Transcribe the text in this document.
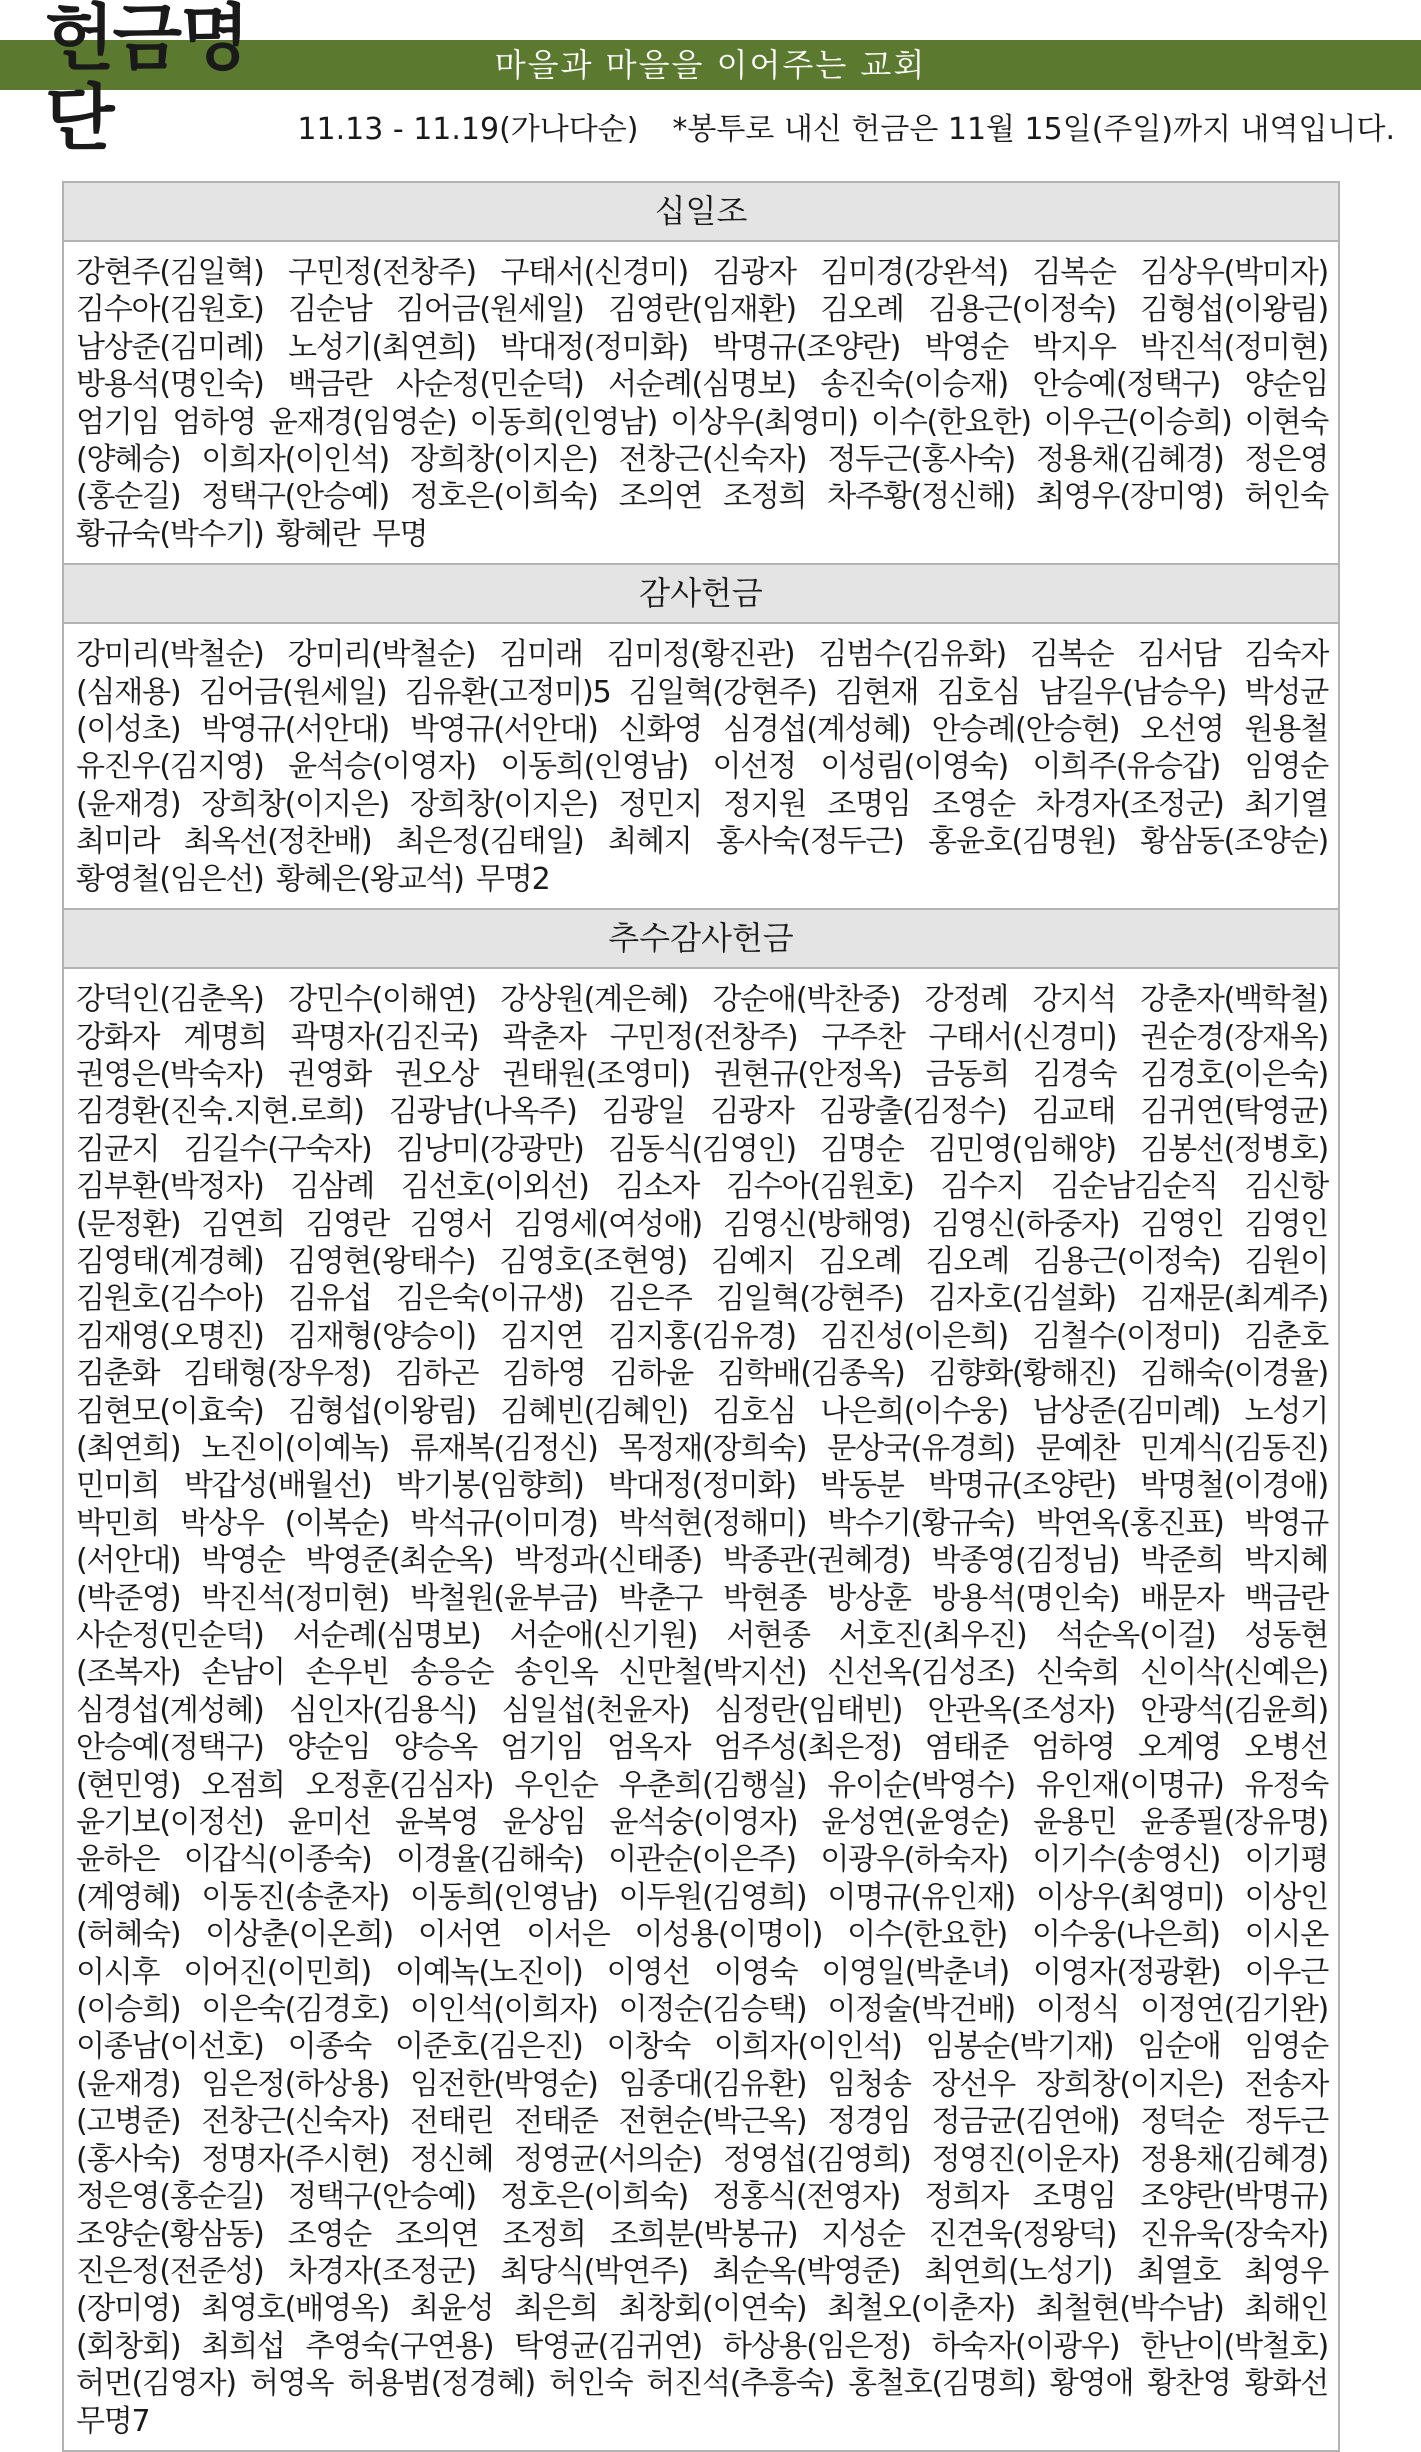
마을과 마을을 이어주는 교회
헌금명단	11.13 - 11.19(가나다순) *봉투로 내신 헌금은 11월 15일(주일)까지 내역입니다.
십일조
강현주(김일혁) 구민정(전창주) 구태서(신경미) 김광자 김미경(강완석) 김복순 김상우(박미자) 김수아(김원호) 김순남 김어금(원세일) 김영란(임재환) 김오례 김용근(이정숙) 김형섭(이왕림) 남상준(김미례) 노성기(최연희) 박대정(정미화) 박명규(조양란) 박영순 박지우 박진석(정미현) 방용석(명인숙) 백금란 사순정(민순덕) 서순례(심명보) 송진숙(이승재) 안승예(정택구) 양순임 엄기임 엄하영 윤재경(임영순) 이동희(인영남) 이상우(최영미) 이수(한요한) 이우근(이승희) 이현숙(양혜승) 이희자(이인석) 장희창(이지은) 전창근(신숙자) 정두근(홍사숙) 정용채(김혜경) 정은영(홍순길) 정택구(안승예) 정호은(이희숙) 조의연 조정희 차주황(정신해) 최영우(장미영) 허인숙 황규숙(박수기) 황혜란 무명
감사헌금
강미리(박철순) 강미리(박철순) 김미래 김미정(황진관) 김범수(김유화) 김복순 김서담 김숙자(심재용) 김어금(원세일) 김유환(고정미)5 김일혁(강현주) 김현재 김호심 남길우(남승우) 박성균(이성초) 박영규(서안대) 박영규(서안대) 신화영 심경섭(계성혜) 안승례(안승현) 오선영 원용철 유진우(김지영) 윤석승(이영자) 이동희(인영남) 이선정 이성림(이영숙) 이희주(유승갑) 임영순(윤재경) 장희창(이지은) 장희창(이지은) 정민지 정지원 조명임 조영순 차경자(조정군) 최기열 최미라 최옥선(정찬배) 최은정(김태일) 최혜지 홍사숙(정두근) 홍윤호(김명원) 황삼동(조양순) 황영철(임은선) 황혜은(왕교석) 무명2
추수감사헌금
강덕인(김춘옥) 강민수(이해연) 강상원(계은혜) 강순애(박찬중) 강정례 강지석 강춘자(백학철) 강화자 계명희 곽명자(김진국) 곽춘자 구민정(전창주) 구주찬 구태서(신경미) 권순경(장재옥) 권영은(박숙자) 권영화 권오상 권태원(조영미) 권현규(안정옥) 금동희 김경숙 김경호(이은숙) 김경환(진숙.지현.로희) 김광남(나옥주) 김광일 김광자 김광출(김정수) 김교태 김귀연(탁영균) 김균지 김길수(구숙자) 김낭미(강광만) 김동식(김영인) 김명순 김민영(임해양) 김봉선(정병호) 김부환(박정자) 김삼례 김선호(이외선) 김소자 김수아(김원호) 김수지 김순남김순직 김신항(문정환) 김연희 김영란 김영서 김영세(여성애) 김영신(방해영) 김영신(하중자) 김영인 김영인 김영태(계경혜) 김영현(왕태수) 김영호(조현영) 김예지 김오례 김오례 김용근(이정숙) 김원이 김원호(김수아) 김유섭 김은숙(이규생) 김은주 김일혁(강현주) 김자호(김설화) 김재문(최계주) 김재영(오명진) 김재형(양승이) 김지연 김지홍(김유경) 김진성(이은희) 김철수(이정미) 김춘호 김춘화 김태형(장우정) 김하곤 김하영 김하윤 김학배(김종옥) 김향화(황해진) 김해숙(이경율) 김현모(이효숙) 김형섭(이왕림) 김혜빈(김혜인) 김호심 나은희(이수웅) 남상준(김미례) 노성기(최연희) 노진이(이예녹) 류재복(김정신) 목정재(장희숙) 문상국(유경희) 문예찬 민계식(김동진) 민미희 박갑성(배월선) 박기봉(임향희) 박대정(정미화) 박동분 박명규(조양란) 박명철(이경애) 박민희 박상우 (이복순) 박석규(이미경) 박석현(정해미) 박수기(황규숙) 박연옥(홍진표) 박영규(서안대) 박영순 박영준(최순옥) 박정과(신태종) 박종관(권혜경) 박종영(김정님) 박준희 박지혜(박준영) 박진석(정미현) 박철원(윤부금) 박춘구 박현종 방상훈 방용석(명인숙) 배문자 백금란 사순정(민순덕) 서순례(심명보) 서순애(신기원) 서현종 서호진(최우진) 석순옥(이걸) 성동현(조복자) 손남이 손우빈 송응순 송인옥 신만철(박지선) 신선옥(김성조) 신숙희 신이삭(신예은) 심경섭(계성혜) 심인자(김용식) 심일섭(천윤자) 심정란(임태빈) 안관옥(조성자) 안광석(김윤희) 안승예(정택구) 양순임 양승옥 엄기임 엄옥자 엄주성(최은정) 염태준 엄하영 오계영 오병선(현민영) 오점희 오정훈(김심자) 우인순 우춘희(김행실) 유이순(박영수) 유인재(이명규) 유정숙 윤기보(이정선) 윤미선 윤복영 윤상임 윤석숭(이영자) 윤성연(윤영순) 윤용민 윤종필(장유명) 윤하은 이갑식(이종숙) 이경율(김해숙) 이관순(이은주) 이광우(하숙자) 이기수(송영신) 이기평(계영혜) 이동진(송춘자) 이동희(인영남) 이두원(김영희) 이명규(유인재) 이상우(최영미) 이상인(허혜숙) 이상춘(이온희) 이서연 이서은 이성용(이명이) 이수(한요한) 이수웅(나은희) 이시온 이시후 이어진(이민희) 이예녹(노진이) 이영선 이영숙 이영일(박춘녀) 이영자(정광환) 이우근(이승희) 이은숙(김경호) 이인석(이희자) 이정순(김승택) 이정술(박건배) 이정식 이정연(김기완) 이종남(이선호) 이종숙 이준호(김은진) 이창숙 이희자(이인석) 임봉순(박기재) 임순애 임영순(윤재경) 임은정(하상용) 임전한(박영순) 임종대(김유환) 임청송 장선우 장희창(이지은) 전송자(고병준) 전창근(신숙자) 전태린 전태준 전현순(박근옥) 정경임 정금균(김연애) 정덕순 정두근(홍사숙) 정명자(주시현) 정신혜 정영균(서의순) 정영섭(김영희) 정영진(이운자) 정용채(김혜경) 정은영(홍순길) 정택구(안승예) 정호은(이희숙) 정홍식(전영자) 정희자 조명임 조양란(박명규) 조양순(황삼동) 조영순 조의연 조정희 조희분(박봉규) 지성순 진견욱(정왕덕) 진유욱(장숙자) 진은정(전준성) 차경자(조정군) 최당식(박연주) 최순옥(박영준) 최연희(노성기) 최열호 최영우(장미영) 최영호(배영옥) 최윤성 최은희 최창회(이연숙) 최철오(이춘자) 최철현(박수남) 최해인(회창회) 최희섭 추영숙(구연용) 탁영균(김귀연) 하상용(임은정) 하숙자(이광우) 한난이(박철호) 허먼(김영자) 허영옥 허용범(정경혜) 허인숙 허진석(추흥숙) 홍철호(김명희) 황영애 황찬영 황화선 무명7
